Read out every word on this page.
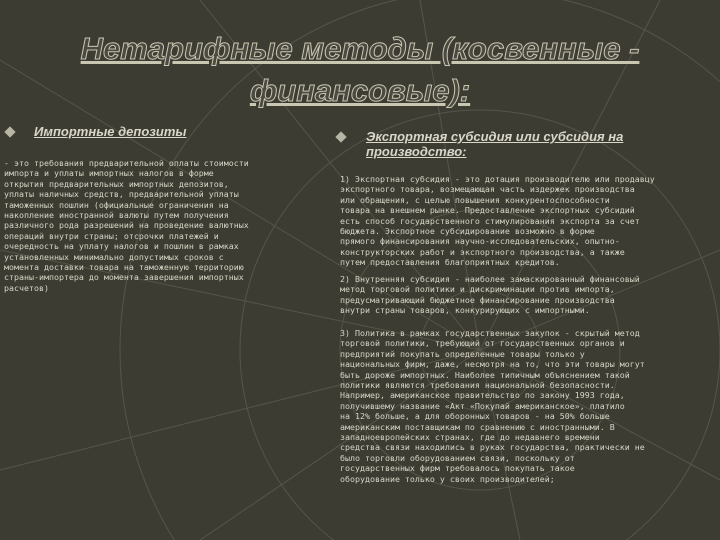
Нетарифные методы (косвенные -
финансовые):
Импортные депозиты

- это требования предварительной оплаты стоимости
импорта и уплаты импортных налогов в форме
открытия предварительных импортных депозитов,
уплаты наличных средств, предварительной уплаты
таможенных пошлин (официальные ограничения на
накопление иностранной валюты путем получения
различного рода разрешений на проведение валютных
операций внутри страны; отсрочки платежей и
очередность на уплату налогов и пошлин в рамках
установленных минимально допустимых сроков с
момента доставки товара на таможенную территорию
страны-импортера до момента завершения импортных
расчетов)

Экспортная субсидия или субсидия на
производство:

1) Экспортная субсидия - это дотация производителю или продавцу
экспортного товара, возмещающая часть издержек производства
или обращения, с целью повышения конкурентоспособности
товара на внешнем рынке. Предоставление экспортных субсидий
есть способ государственного стимулирования экспорта за счет
бюджета. Экспортное субсидирование возможно в форме
прямого финансирования научно-исследовательских, опытно-
конструкторских работ и экспортного производства, а также
путем предоставления благоприятных кредитов.

2) Внутренняя субсидия - наиболее замаскированный финансовый
метод торговой политики и дискриминации против импорта,
предусматривающий бюджетное финансирование производства
внутри страны товаров, конкурирующих с импортными.

3) Политика в рамках государственных закупок - скрытый метод
торговой политики, требующий от государственных органов и
предприятий покупать определенные товары только у
национальных фирм, даже, несмотря на то, что эти товары могут
быть дороже импортных. Наиболее типичным объяснением такой
политики являются требования национальной безопасности.
Например, американское правительство по закону 1993 года,
получившему название «Акт «Покупай американское», платило
на 12% больше, а для оборонных товаров - на 50% больше
американским поставщикам по сравнению с иностранными. В
западноевропейских странах, где до недавнего времени
средства связи находились в руках государства, практически не
было торговли оборудованием связи, поскольку от
государственных фирм требовалось покупать такое
оборудование только у своих производителей;
